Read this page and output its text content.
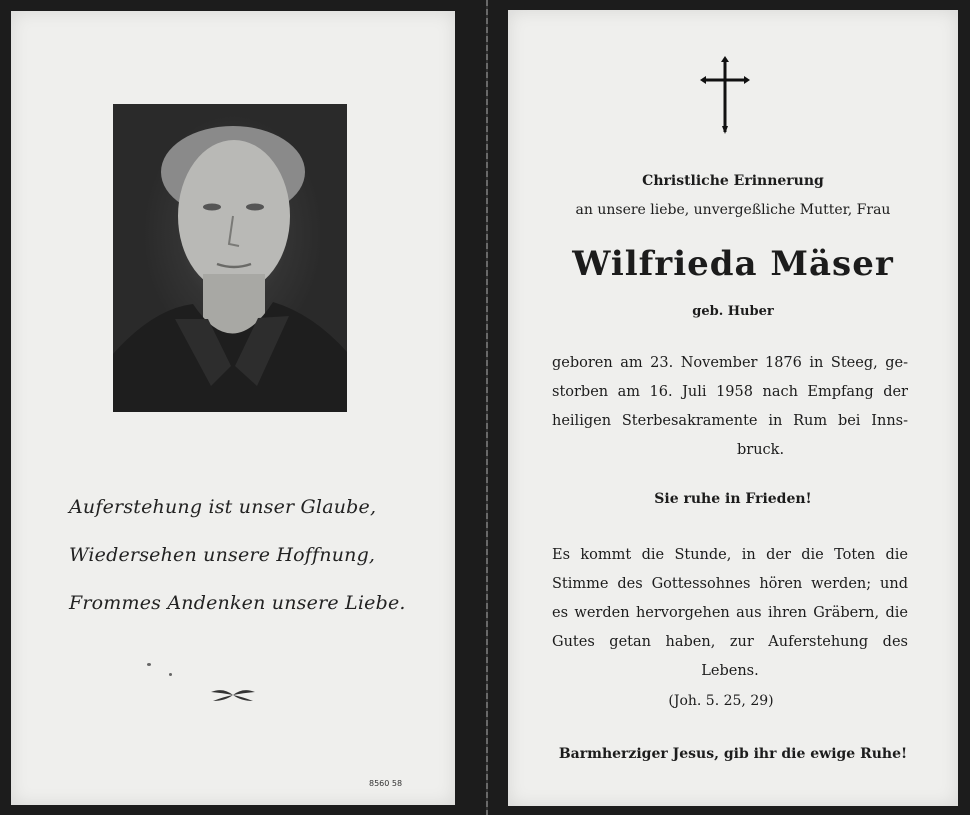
Auferstehung ist unser Glaube,
Wiedersehen unsere Hoffnung,
Frommes Andenken unsere Liebe.
8560 58
Christliche Erinnerung
an unsere liebe, unvergeßliche Mutter, Frau
Wilfrieda Mäser
geb. Huber
geboren am 23. November 1876 in Steeg, ge-
storben am 16. Juli 1958 nach Empfang der
heiligen Sterbesakramente in Rum bei Inns-
bruck.
Sie ruhe in Frieden!
Es kommt die Stunde, in der die Toten die
Stimme des Gottessohnes hören werden; und
es werden hervorgehen aus ihren Gräbern, die
Gutes getan haben, zur Auferstehung des
Lebens.
(Joh. 5. 25, 29)
Barmherziger Jesus, gib ihr die ewige Ruhe!
